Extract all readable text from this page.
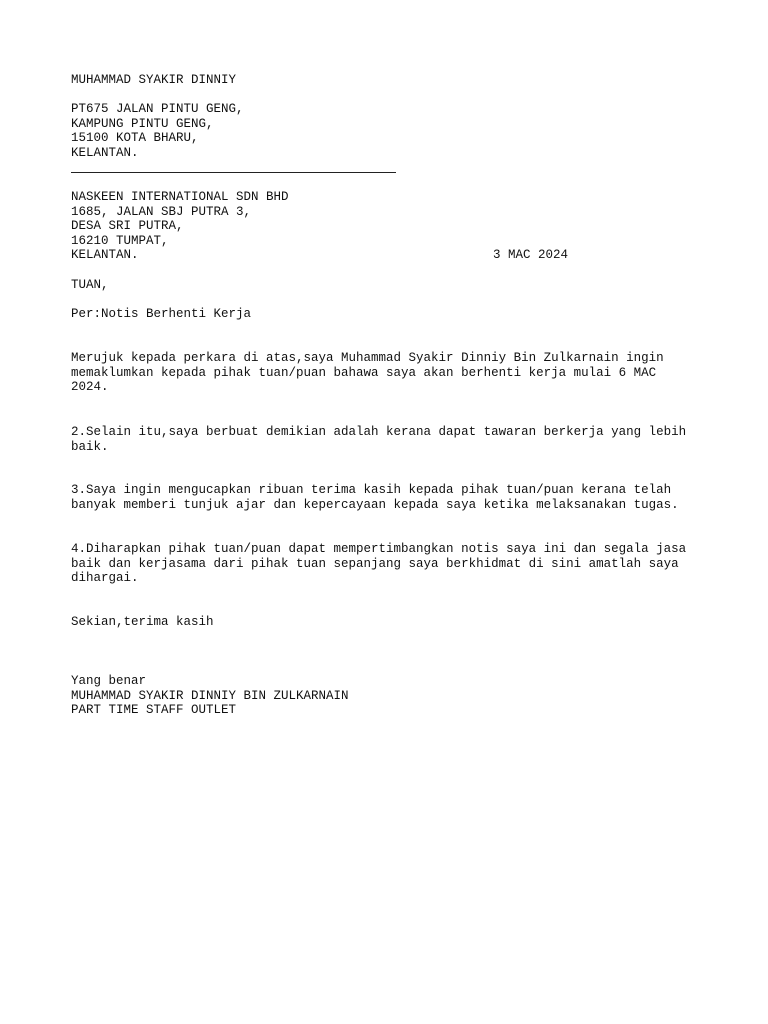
MUHAMMAD SYAKIR DINNIY
PT675 JALAN PINTU GENG,
KAMPUNG PINTU GENG,
15100 KOTA BHARU,
KELANTAN.
NASKEEN INTERNATIONAL SDN BHD
1685, JALAN SBJ PUTRA 3,
DESA SRI PUTRA,
16210 TUMPAT,
KELANTAN.	3 MAC 2024
TUAN,
Per:Notis Berhenti Kerja
Merujuk kepada perkara di atas,saya Muhammad Syakir Dinniy Bin Zulkarnain ingin
memaklumkan kepada pihak tuan/puan bahawa saya akan berhenti kerja mulai 6 MAC
2024.
2.Selain itu,saya berbuat demikian adalah kerana dapat tawaran berkerja yang lebih
baik.
3.Saya ingin mengucapkan ribuan terima kasih kepada pihak tuan/puan kerana telah
banyak memberi tunjuk ajar dan kepercayaan kepada saya ketika melaksanakan tugas.
4.Diharapkan pihak tuan/puan dapat mempertimbangkan notis saya ini dan segala jasa
baik dan kerjasama dari pihak tuan sepanjang saya berkhidmat di sini amatlah saya
dihargai.
Sekian,terima kasih
Yang benar
MUHAMMAD SYAKIR DINNIY BIN ZULKARNAIN
PART TIME STAFF OUTLET
